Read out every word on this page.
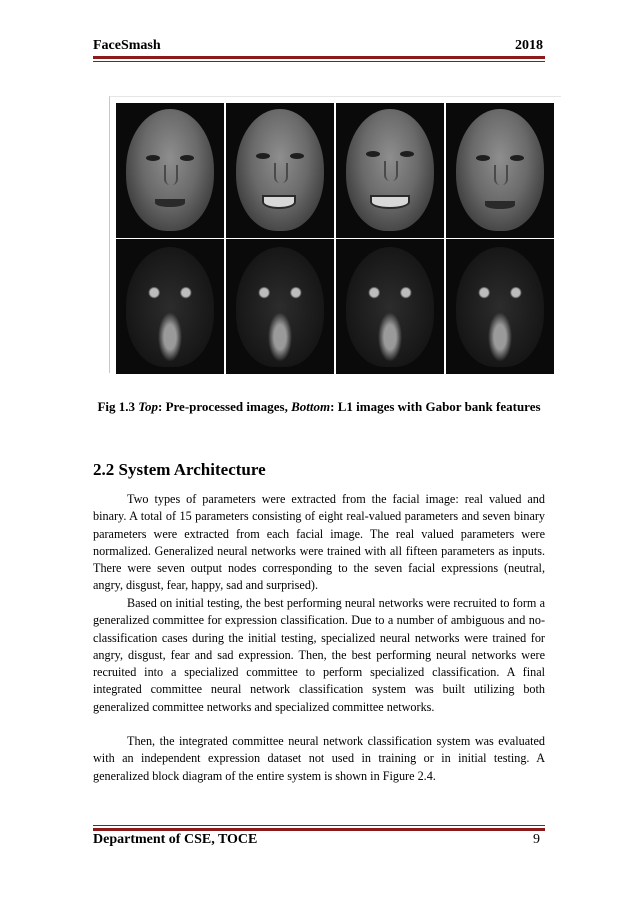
FaceSmash	2018
Fig 1.3 Top: Pre-processed images, Bottom: L1 images with Gabor bank features
2.2 System Architecture

Two types of parameters were extracted from the facial image: real valued and binary. A total of 15 parameters consisting of eight real-valued parameters and seven binary parameters were extracted from each facial image. The real valued parameters were normalized. Generalized neural networks were trained with all fifteen parameters as inputs. There were seven output nodes corresponding to the seven facial expressions (neutral, angry, disgust, fear, happy, sad and surprised).

Based on initial testing, the best performing neural networks were recruited to form a generalized committee for expression classification. Due to a number of ambiguous and no-classification cases during the initial testing, specialized neural networks were trained for angry, disgust, fear and sad expression. Then, the best performing neural networks were recruited into a specialized committee to perform specialized classification. A final integrated committee neural network classification system was built utilizing both generalized committee networks and specialized committee networks.

Then, the integrated committee neural network classification system was evaluated with an independent expression dataset not used in training or in initial testing. A generalized block diagram of the entire system is shown in Figure 2.4.

Department of CSE, TOCE	9
